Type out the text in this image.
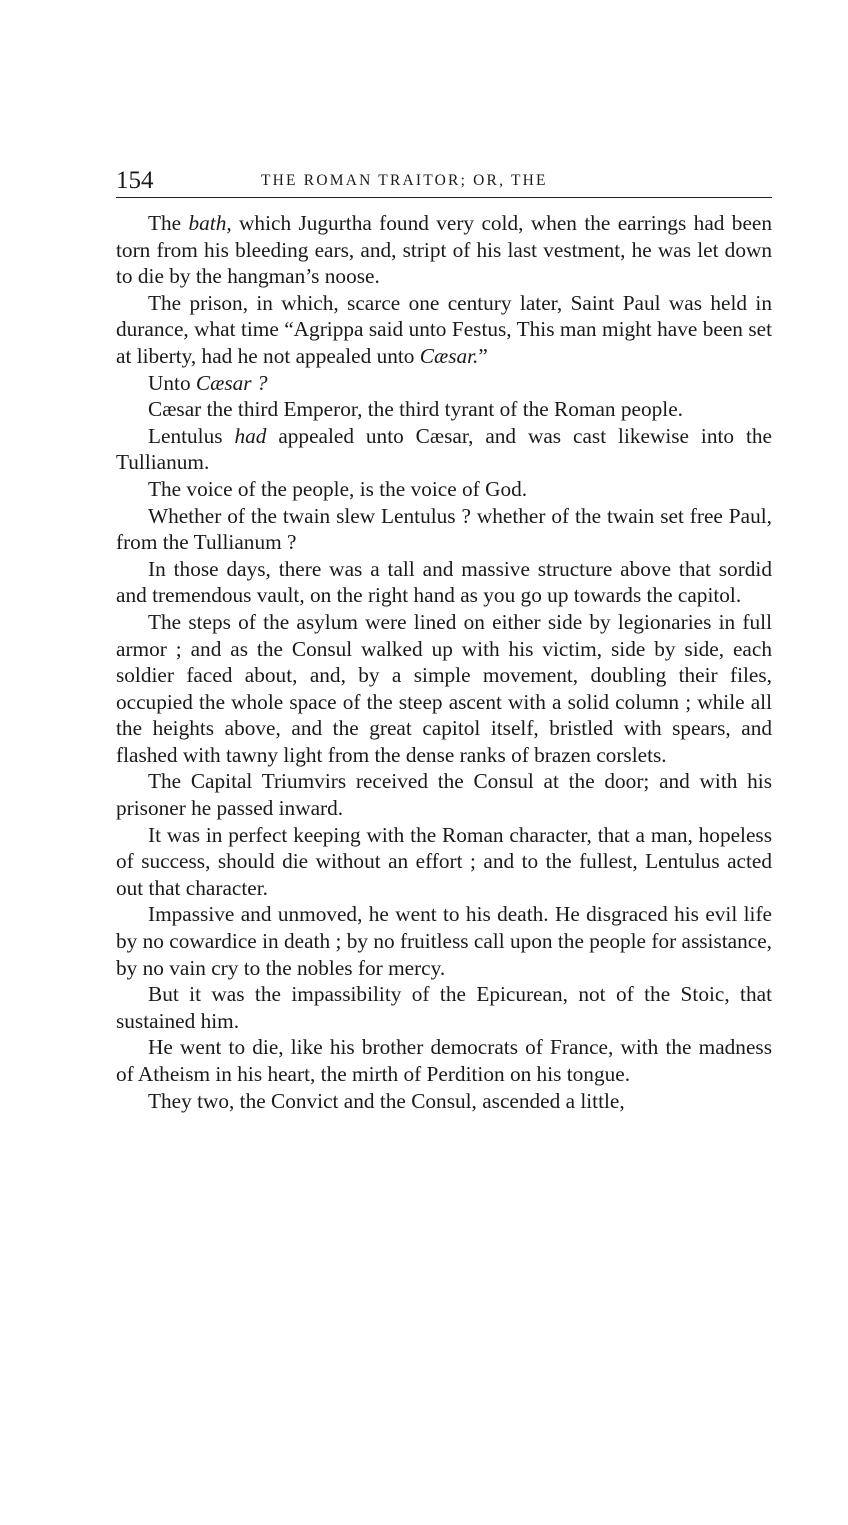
154	THE ROMAN TRAITOR; OR, THE

The bath, which Jugurtha found very cold, when the earrings had been torn from his bleeding ears, and, stript of his last vestment, he was let down to die by the hangman’s noose.

The prison, in which, scarce one century later, Saint Paul was held in durance, what time “Agrippa said unto Festus, This man might have been set at liberty, had he not appealed unto Cæsar.”

Unto Cæsar ?

Cæsar the third Emperor, the third tyrant of the Roman people.

Lentulus had appealed unto Cæsar, and was cast likewise into the Tullianum.

The voice of the people, is the voice of God.

Whether of the twain slew Lentulus ? whether of the twain set free Paul, from the Tullianum ?

In those days, there was a tall and massive structure above that sordid and tremendous vault, on the right hand as you go up towards the capitol.

The steps of the asylum were lined on either side by legionaries in full armor ; and as the Consul walked up with his victim, side by side, each soldier faced about, and, by a simple movement, doubling their files, occupied the whole space of the steep ascent with a solid column ; while all the heights above, and the great capitol itself, bristled with spears, and flashed with tawny light from the dense ranks of brazen corslets.

The Capital Triumvirs received the Consul at the door; and with his prisoner he passed inward.

It was in perfect keeping with the Roman character, that a man, hopeless of success, should die without an effort ; and to the fullest, Lentulus acted out that character.

Impassive and unmoved, he went to his death. He disgraced his evil life by no cowardice in death ; by no fruitless call upon the people for assistance, by no vain cry to the nobles for mercy.

But it was the impassibility of the Epicurean, not of the Stoic, that sustained him.

He went to die, like his brother democrats of France, with the madness of Atheism in his heart, the mirth of Perdition on his tongue.

They two, the Convict and the Consul, ascended a little,
